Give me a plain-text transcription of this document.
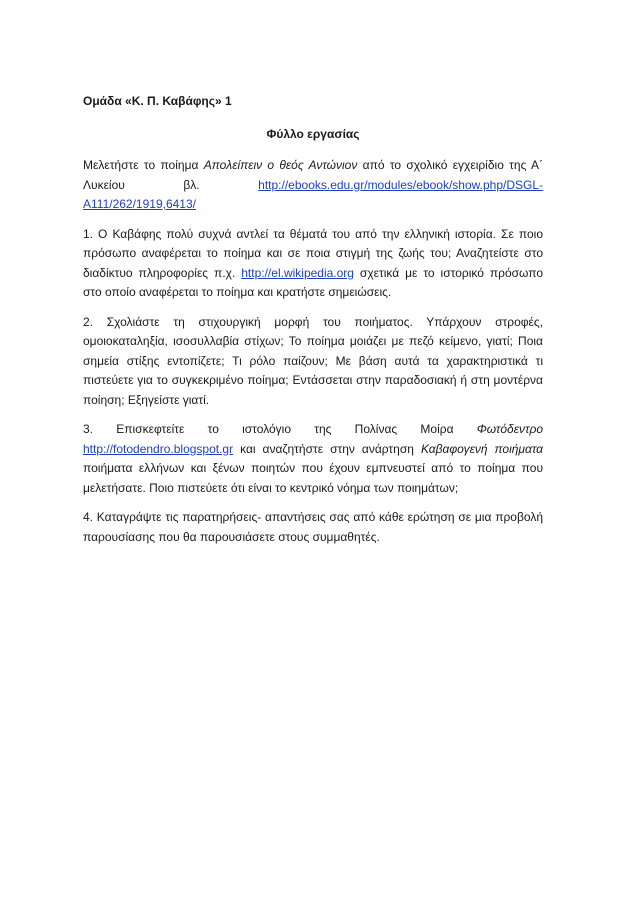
Ομάδα «Κ. Π. Καβάφης» 1
Φύλλο εργασίας

Μελετήστε το ποίημα Απολείπειν ο θεός Αντώνιον από το σχολικό εγχειρίδιο της Α΄ Λυκείου βλ. http://ebooks.edu.gr/modules/ebook/show.php/DSGL-A111/262/1919,6413/

1. Ο Καβάφης πολύ συχνά αντλεί τα θέματά του από την ελληνική ιστορία. Σε ποιο πρόσωπο αναφέρεται το ποίημα και σε ποια στιγμή της ζωής του; Αναζητείστε στο διαδίκτυο πληροφορίες π.χ. http://el.wikipedia.org σχετικά με το ιστορικό πρόσωπο στο οποίο αναφέρεται το ποίημα και κρατήστε σημειώσεις.

2. Σχολιάστε τη στιχουργική μορφή του ποιήματος. Υπάρχουν στροφές, ομοιοκαταληξία, ισοσυλλαβία στίχων; Το ποίημα μοιάζει με πεζό κείμενο, γιατί; Ποια σημεία στίξης εντοπίζετε; Τι ρόλο παίζουν; Με βάση αυτά τα χαρακτηριστικά τι πιστεύετε για το συγκεκριμένο ποίημα; Εντάσσεται στην παραδοσιακή ή στη μοντέρνα ποίηση; Εξηγείστε γιατί.

3. Επισκεφτείτε το ιστολόγιο της Πολίνας Μοίρα Φωτόδεντρο http://fotodendro.blogspot.gr και αναζητήστε στην ανάρτηση Καβαφογενή ποιήματα ποιήματα ελλήνων και ξένων ποιητών που έχουν εμπνευστεί από το ποίημα που μελετήσατε. Ποιο πιστεύετε ότι είναι το κεντρικό νόημα των ποιημάτων;

4. Καταγράψτε τις παρατηρήσεις- απαντήσεις σας από κάθε ερώτηση σε μια προβολή παρουσίασης που θα παρουσιάσετε στους συμμαθητές.
